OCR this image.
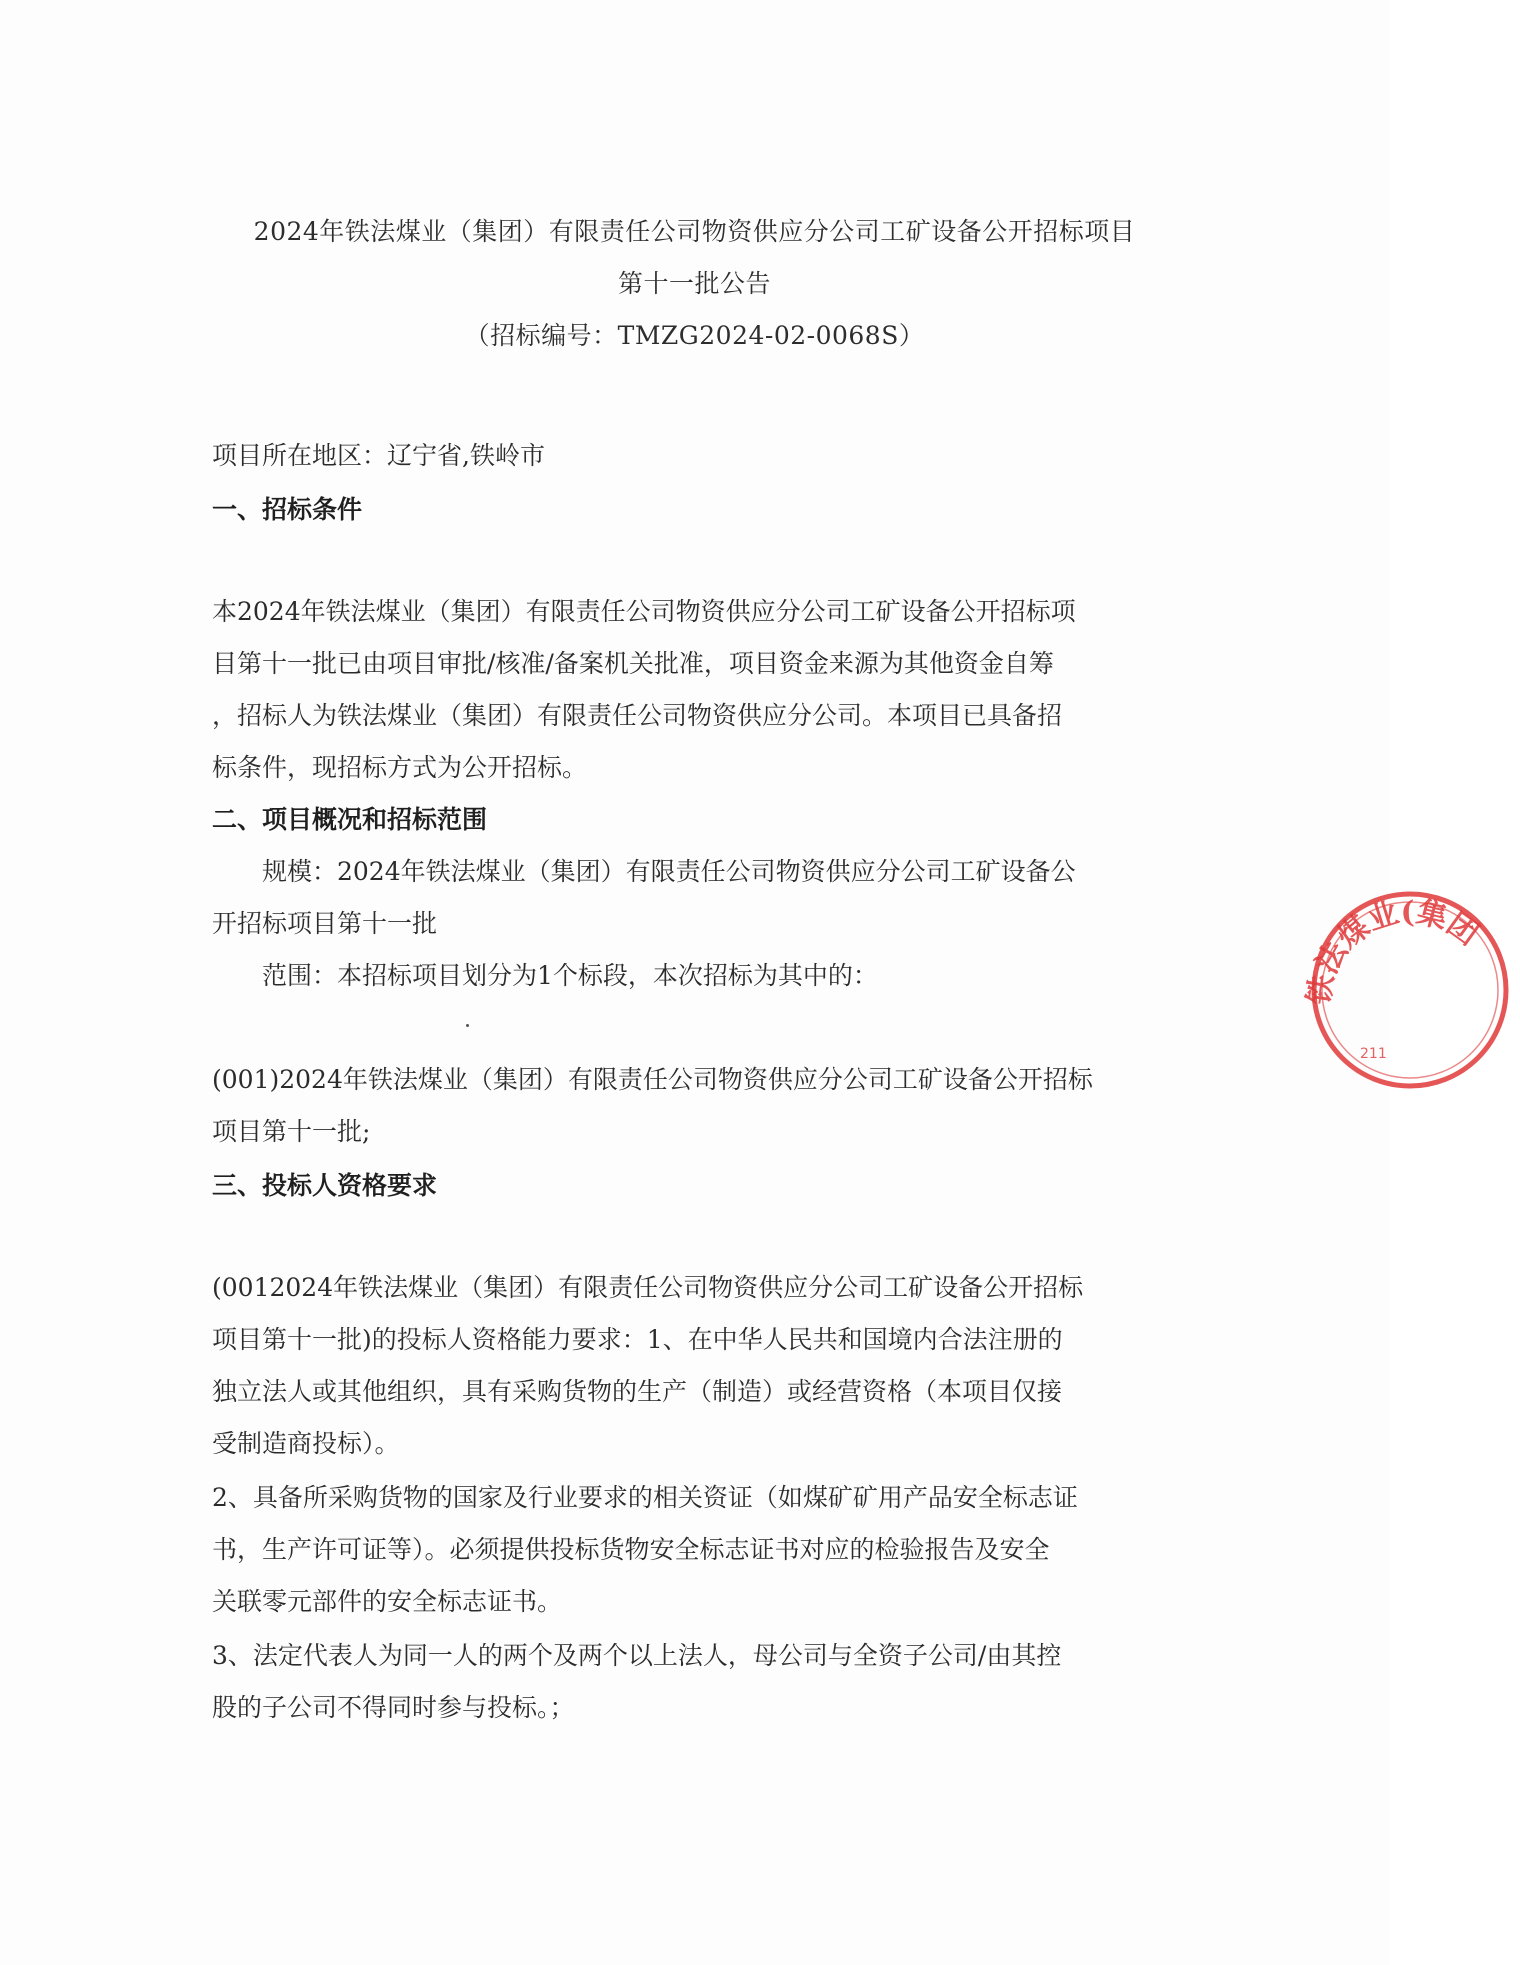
2024年铁法煤业（集团）有限责任公司物资供应分公司工矿设备公开招标项目
第十一批公告
（招标编号：TMZG2024-02-0068S）
项目所在地区：辽宁省,铁岭市
一、招标条件
本2024年铁法煤业（集团）有限责任公司物资供应分公司工矿设备公开招标项
目第十一批已由项目审批/核准/备案机关批准，项目资金来源为其他资金自筹
，招标人为铁法煤业（集团）有限责任公司物资供应分公司。本项目已具备招
标条件，现招标方式为公开招标。
二、项目概况和招标范围
规模：2024年铁法煤业（集团）有限责任公司物资供应分公司工矿设备公
开招标项目第十一批
范围：本招标项目划分为1个标段，本次招标为其中的：
(001)2024年铁法煤业（集团）有限责任公司物资供应分公司工矿设备公开招标
项目第十一批;
三、投标人资格要求
(0012024年铁法煤业（集团）有限责任公司物资供应分公司工矿设备公开招标
项目第十一批)的投标人资格能力要求：1、在中华人民共和国境内合法注册的
独立法人或其他组织，具有采购货物的生产（制造）或经营资格（本项目仅接
受制造商投标）。
2、具备所采购货物的国家及行业要求的相关资证（如煤矿矿用产品安全标志证
书，生产许可证等）。必须提供投标货物安全标志证书对应的检验报告及安全
关联零元部件的安全标志证书。
3、法定代表人为同一人的两个及两个以上法人，母公司与全资子公司/由其控
股的子公司不得同时参与投标。；
铁法煤业(集团
211
